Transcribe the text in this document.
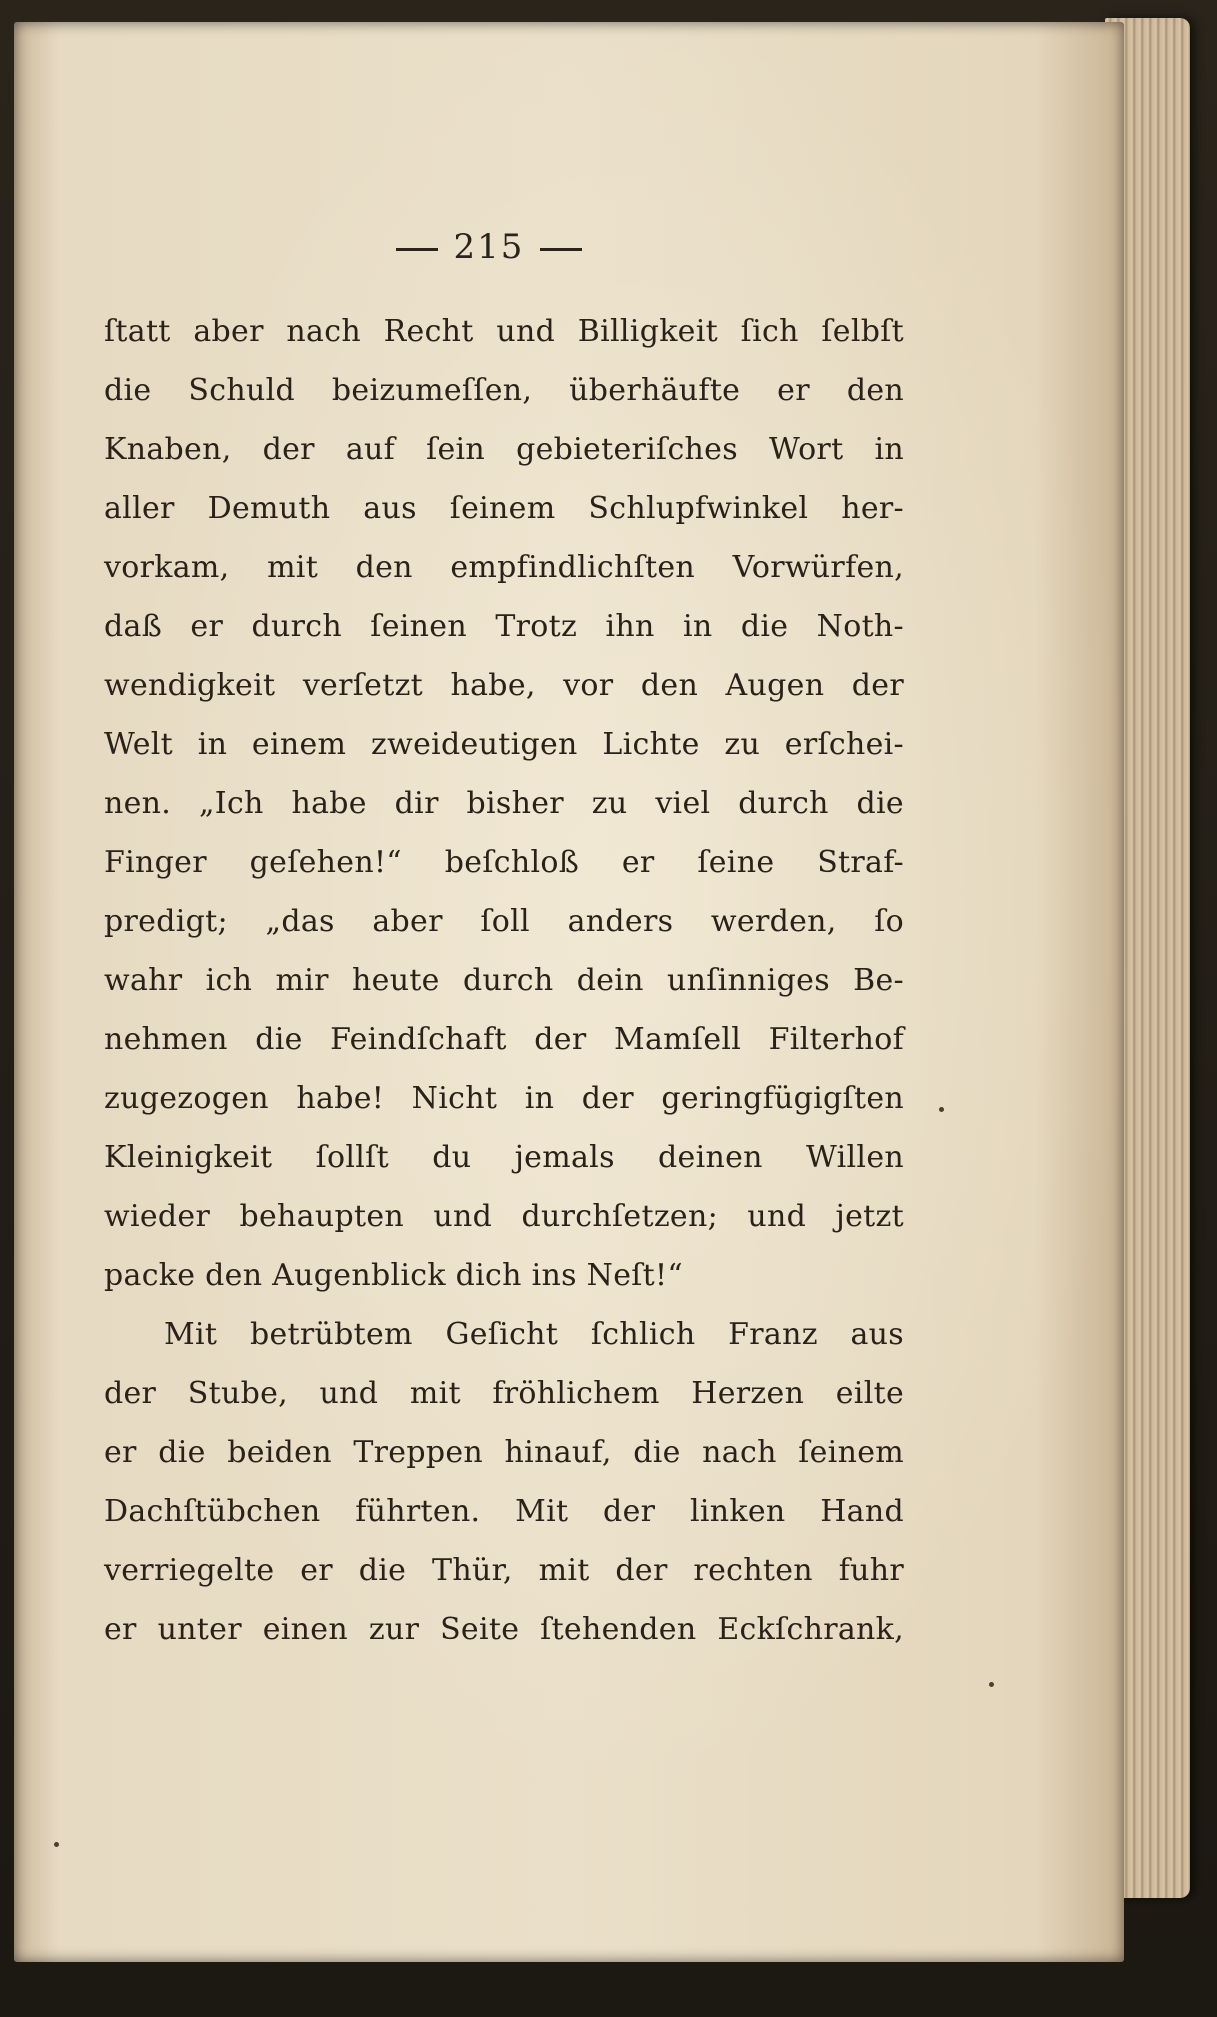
215
ſtatt aber nach Recht und Billigkeit ſich ſelbſt
die Schuld beizumeſſen, überhäufte er den
Knaben, der auf ſein gebieteriſches Wort in
aller Demuth aus ſeinem Schlupfwinkel her-
vorkam, mit den empfindlichſten Vorwürfen,
daß er durch ſeinen Trotz ihn in die Noth-
wendigkeit verſetzt habe, vor den Augen der
Welt in einem zweideutigen Lichte zu erſchei-
nen. „Ich habe dir bisher zu viel durch die
Finger geſehen!“ beſchloß er ſeine Straf-
predigt; „das aber ſoll anders werden, ſo
wahr ich mir heute durch dein unſinniges Be-
nehmen die Feindſchaft der Mamſell Filterhof
zugezogen habe! Nicht in der geringfügigſten
Kleinigkeit ſollſt du jemals deinen Willen
wieder behaupten und durchſetzen; und jetzt
packe den Augenblick dich ins Neſt!“
Mit betrübtem Geſicht ſchlich Franz aus
der Stube, und mit fröhlichem Herzen eilte
er die beiden Treppen hinauf, die nach ſeinem
Dachſtübchen führten. Mit der linken Hand
verriegelte er die Thür, mit der rechten fuhr
er unter einen zur Seite ſtehenden Eckſchrank,
